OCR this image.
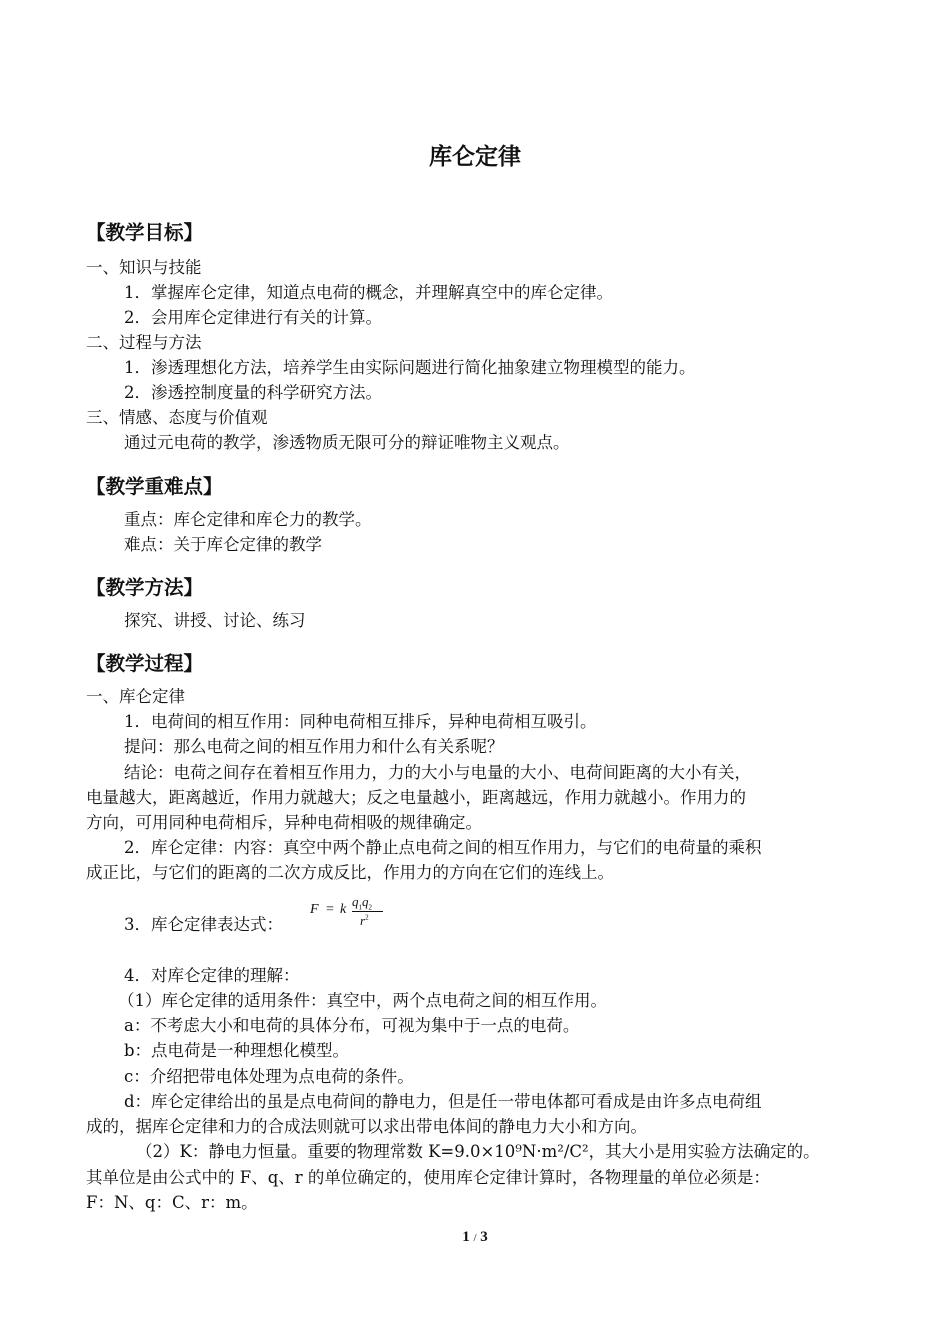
库仑定律
【教学目标】
一、知识与技能
1．掌握库仑定律，知道点电荷的概念，并理解真空中的库仑定律。
2．会用库仑定律进行有关的计算。
二、过程与方法
1．渗透理想化方法，培养学生由实际问题进行简化抽象建立物理模型的能力。
2．渗透控制度量的科学研究方法。
三、情感、态度与价值观
通过元电荷的教学，渗透物质无限可分的辩证唯物主义观点。
【教学重难点】
重点：库仑定律和库仑力的教学。
难点：关于库仑定律的教学
【教学方法】
探究、讲授、讨论、练习
【教学过程】
一、库仑定律
1．电荷间的相互作用：同种电荷相互排斥，异种电荷相互吸引。
提问：那么电荷之间的相互作用力和什么有关系呢？
结论：电荷之间存在着相互作用力，力的大小与电量的大小、电荷间距离的大小有关，
电量越大，距离越近，作用力就越大；反之电量越小，距离越远，作用力就越小。作用力的
方向，可用同种电荷相斥，异种电荷相吸的规律确定。
2．库仑定律：内容：真空中两个静止点电荷之间的相互作用力，与它们的电荷量的乘积
成正比，与它们的距离的二次方成反比，作用力的方向在它们的连线上。
3．库仑定律表达式：
F = k
$q_1q_2$
$r^2$
4．对库仑定律的理解：
（1）库仑定律的适用条件：真空中，两个点电荷之间的相互作用。
a：不考虑大小和电荷的具体分布，可视为集中于一点的电荷。
b：点电荷是一种理想化模型。
c：介绍把带电体处理为点电荷的条件。
d：库仑定律给出的虽是点电荷间的静电力，但是任一带电体都可看成是由许多点电荷组
成的，据库仑定律和力的合成法则就可以求出带电体间的静电力大小和方向。
（2）K：静电力恒量。重要的物理常数 K=9.0×10⁹N·m²/C²，其大小是用实验方法确定的。
其单位是由公式中的 F、q、r 的单位确定的，使用库仑定律计算时，各物理量的单位必须是：
F：N、q：C、r：m。
1 / 3
